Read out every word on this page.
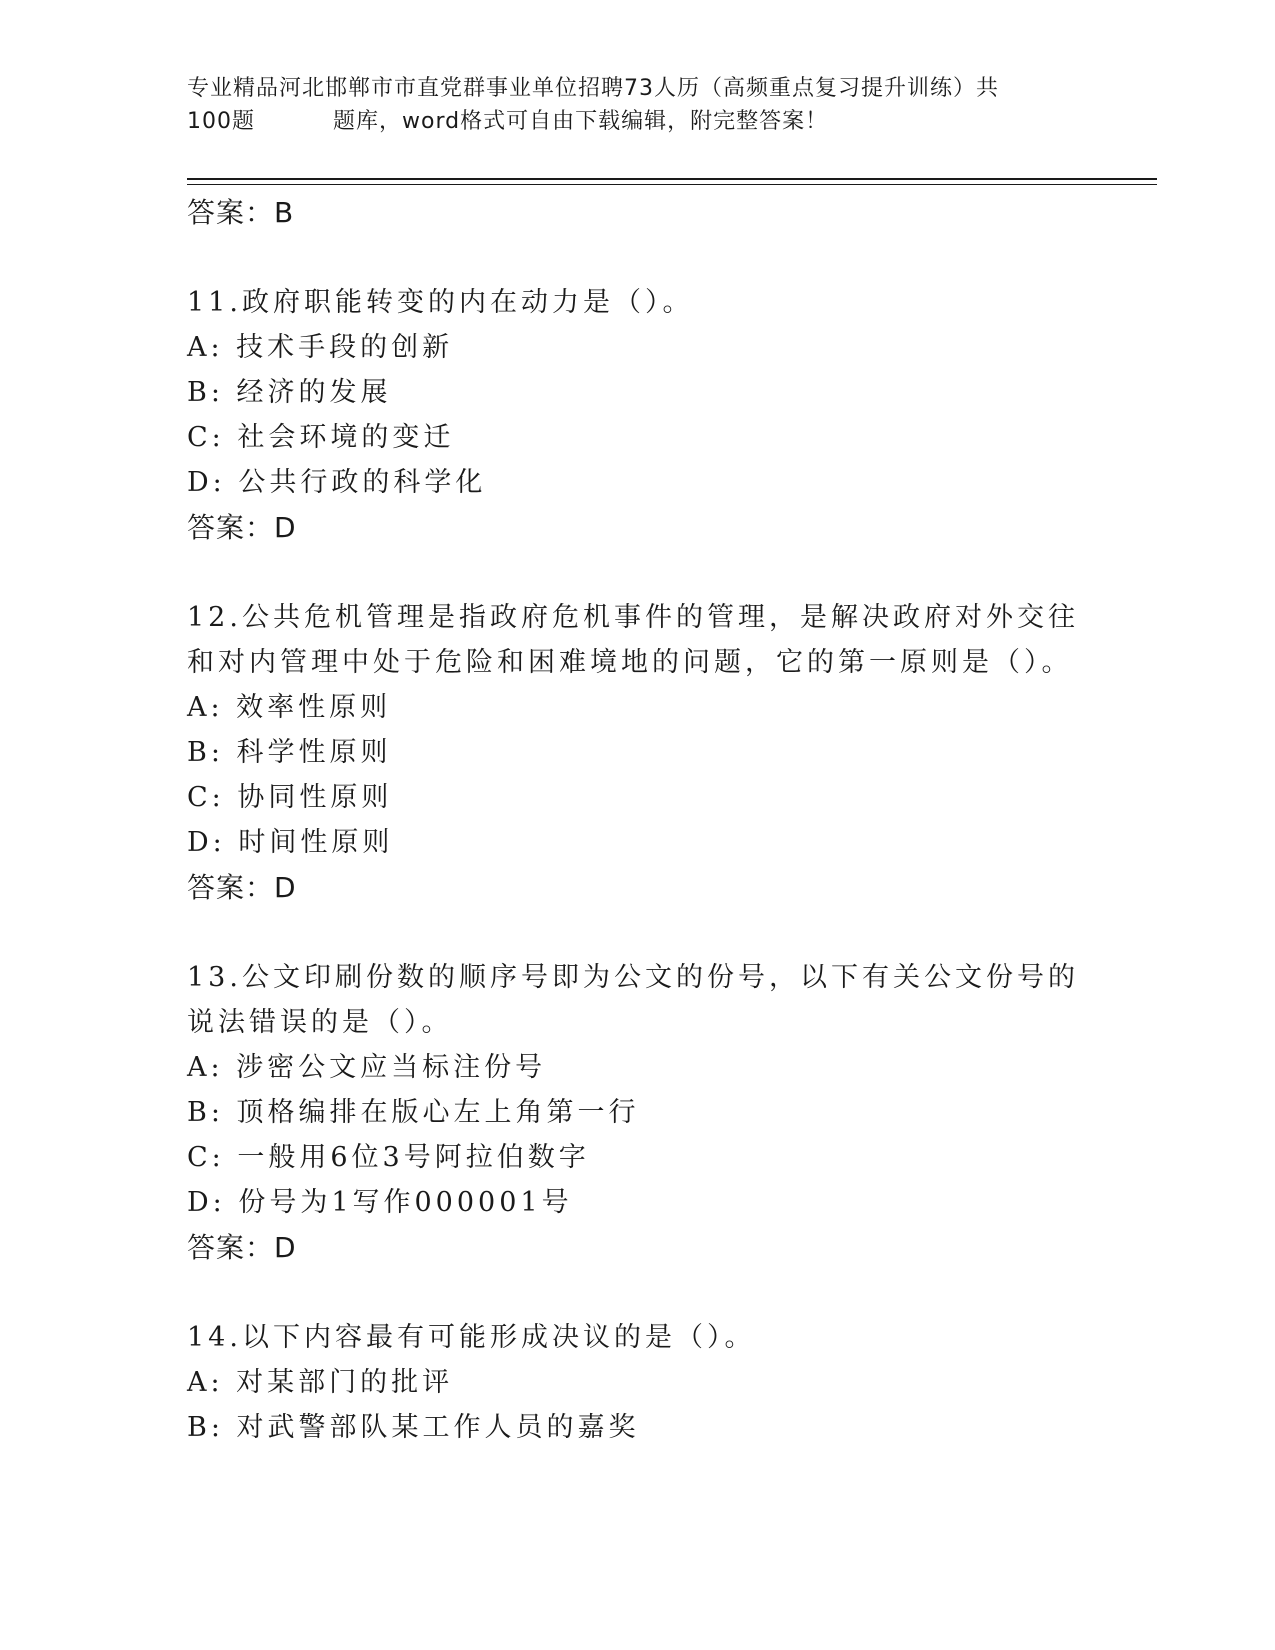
专业精品河北邯郸市市直党群事业单位招聘73人历（高频重点复习提升训练）共
100题	题库，word格式可自由下载编辑，附完整答案！

答案：B

11.政府职能转变的内在动力是（）。

A: 技术手段的创新

B: 经济的发展

C: 社会环境的变迁

D: 公共行政的科学化

答案：D

12.公共危机管理是指政府危机事件的管理，是解决政府对外交往和对内管理中处于危险和困难境地的问题，它的第一原则是（）。

A: 效率性原则

B: 科学性原则

C: 协同性原则

D: 时间性原则

答案：D

13.公文印刷份数的顺序号即为公文的份号，以下有关公文份号的说法错误的是（）。

A: 涉密公文应当标注份号

B: 顶格编排在版心左上角第一行

C: 一般用6位3号阿拉伯数字

D: 份号为1写作000001号

答案：D

14.以下内容最有可能形成决议的是（）。

A: 对某部门的批评

B: 对武警部队某工作人员的嘉奖
